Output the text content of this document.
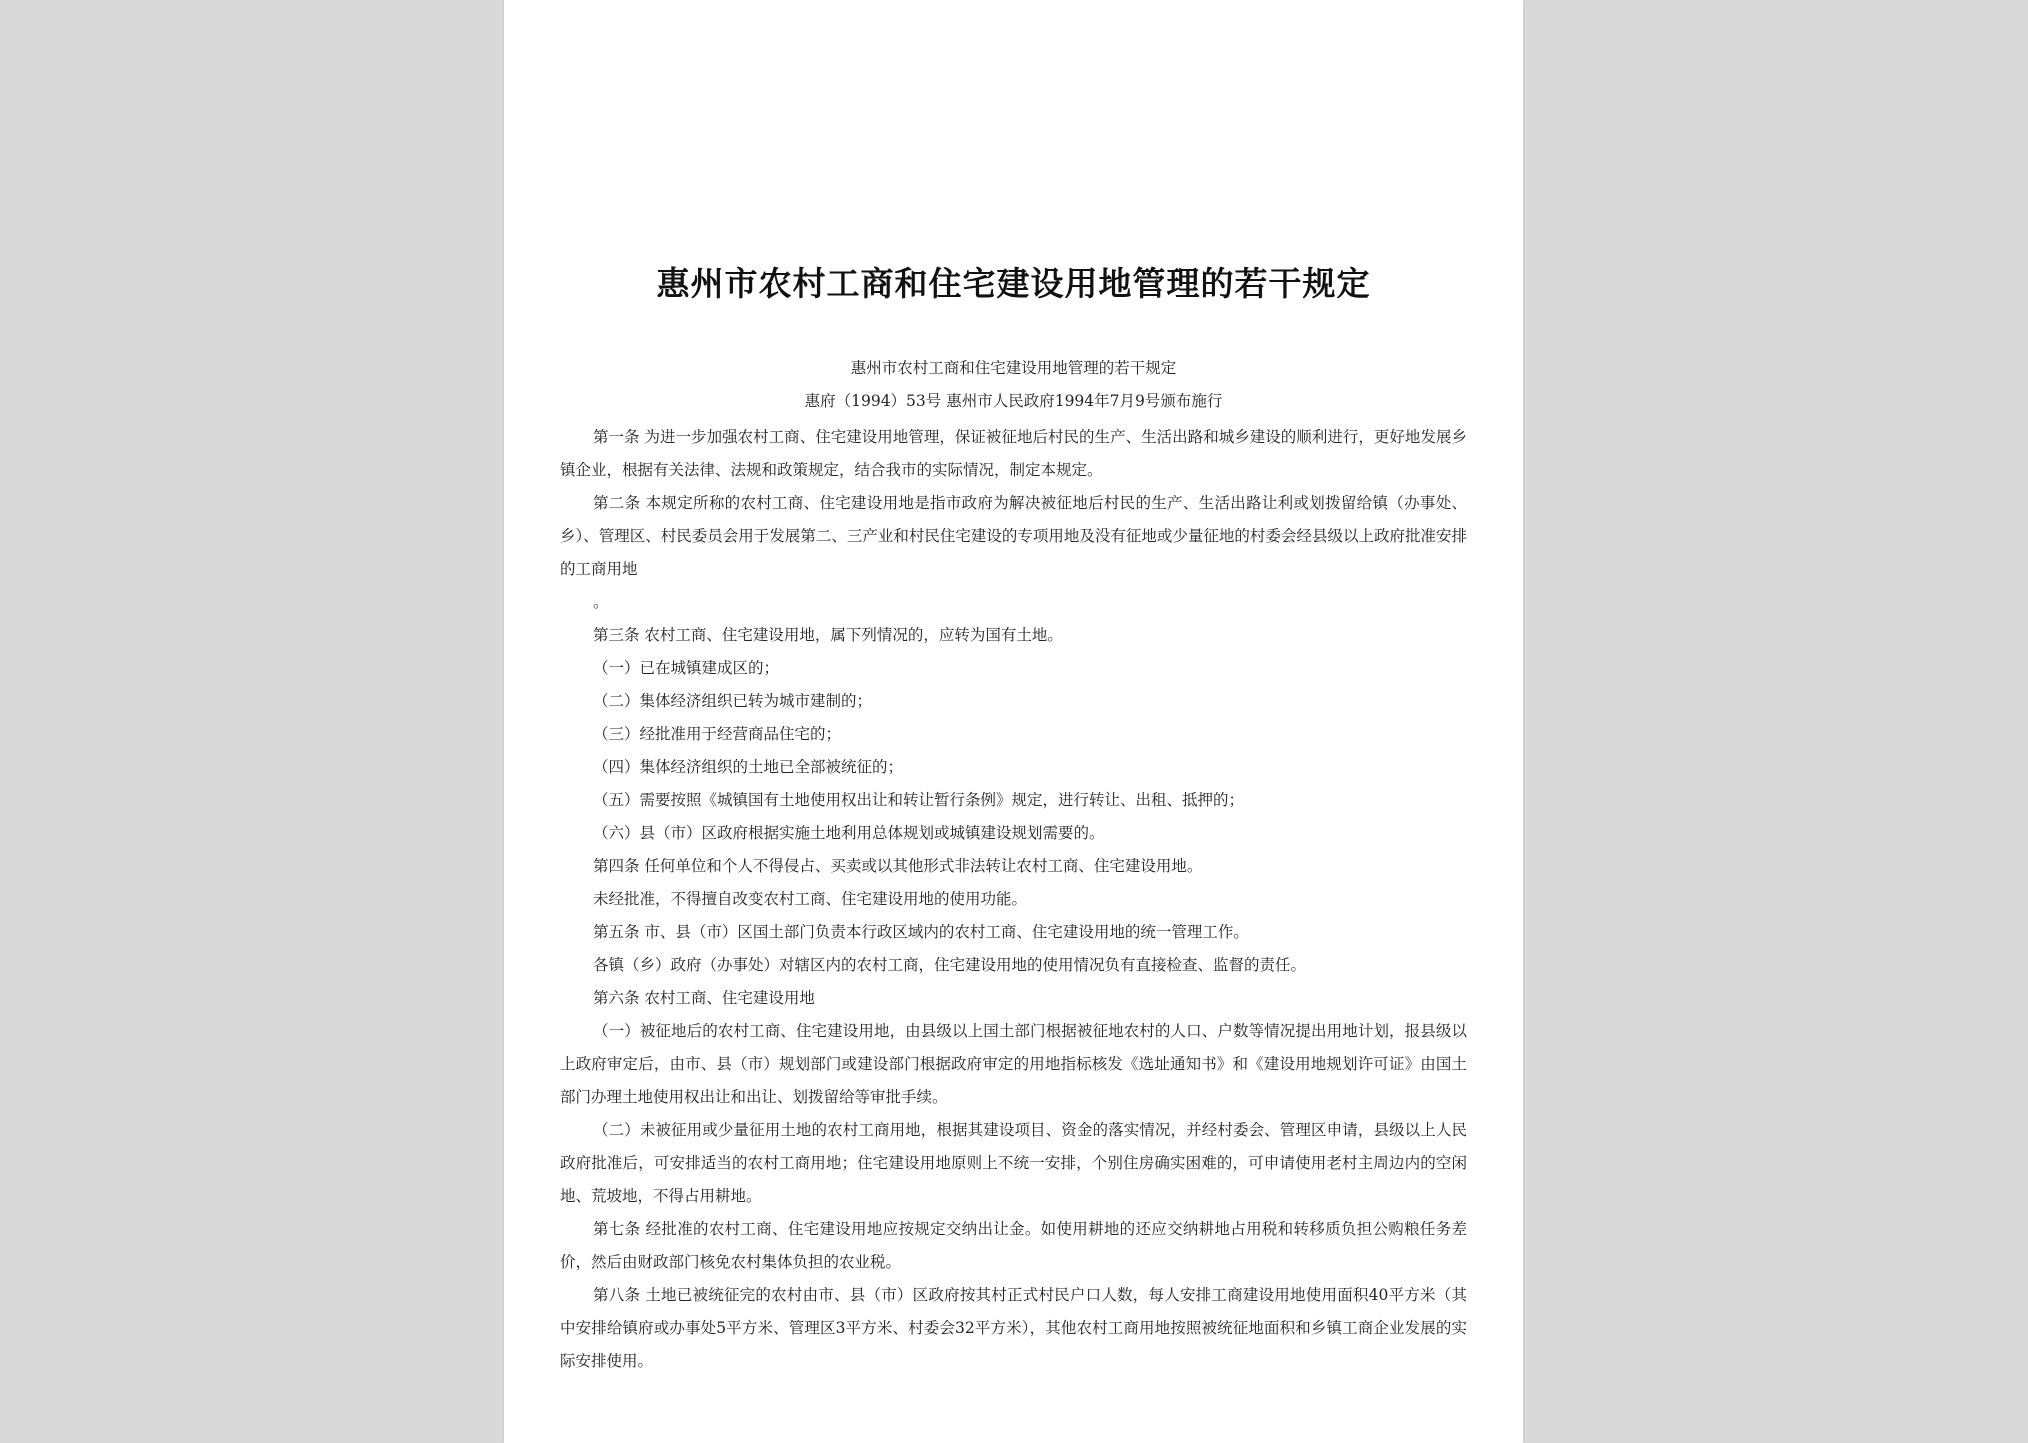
惠州市农村工商和住宅建设用地管理的若干规定

惠州市农村工商和住宅建设用地管理的若干规定

惠府（1994）53号 惠州市人民政府1994年7月9号颁布施行

第一条 为进一步加强农村工商、住宅建设用地管理，保证被征地后村民的生产、生活出路和城乡建设的顺利进行，更好地发展乡镇企业，根据有关法律、法规和政策规定，结合我市的实际情况，制定本规定。

第二条 本规定所称的农村工商、住宅建设用地是指市政府为解决被征地后村民的生产、生活出路让利或划拨留给镇（办事处、乡）、管理区、村民委员会用于发展第二、三产业和村民住宅建设的专项用地及没有征地或少量征地的村委会经县级以上政府批准安排的工商用地

。

第三条 农村工商、住宅建设用地，属下列情况的，应转为国有土地。

（一）已在城镇建成区的；

（二）集体经济组织已转为城市建制的；

（三）经批准用于经营商品住宅的；

（四）集体经济组织的土地已全部被统征的；

（五）需要按照《城镇国有土地使用权出让和转让暂行条例》规定，进行转让、出租、抵押的；

（六）县（市）区政府根据实施土地利用总体规划或城镇建设规划需要的。

第四条 任何单位和个人不得侵占、买卖或以其他形式非法转让农村工商、住宅建设用地。

未经批准，不得擅自改变农村工商、住宅建设用地的使用功能。

第五条 市、县（市）区国土部门负责本行政区域内的农村工商、住宅建设用地的统一管理工作。

各镇（乡）政府（办事处）对辖区内的农村工商，住宅建设用地的使用情况负有直接检查、监督的责任。

第六条 农村工商、住宅建设用地

（一）被征地后的农村工商、住宅建设用地，由县级以上国土部门根据被征地农村的人口、户数等情况提出用地计划，报县级以上政府审定后，由市、县（市）规划部门或建设部门根据政府审定的用地指标核发《选址通知书》和《建设用地规划许可证》由国土部门办理土地使用权出让和出让、划拨留给等审批手续。

（二）未被征用或少量征用土地的农村工商用地，根据其建设项目、资金的落实情况，并经村委会、管理区申请，县级以上人民政府批准后，可安排适当的农村工商用地；住宅建设用地原则上不统一安排，个别住房确实困难的，可申请使用老村主周边内的空闲地、荒坡地，不得占用耕地。

第七条 经批准的农村工商、住宅建设用地应按规定交纳出让金。如使用耕地的还应交纳耕地占用税和转移质负担公购粮任务差价，然后由财政部门核免农村集体负担的农业税。

第八条 土地已被统征完的农村由市、县（市）区政府按其村正式村民户口人数，每人安排工商建设用地使用面积40平方米（其中安排给镇府或办事处5平方米、管理区3平方米、村委会32平方米），其他农村工商用地按照被统征地面积和乡镇工商企业发展的实际安排使用。
